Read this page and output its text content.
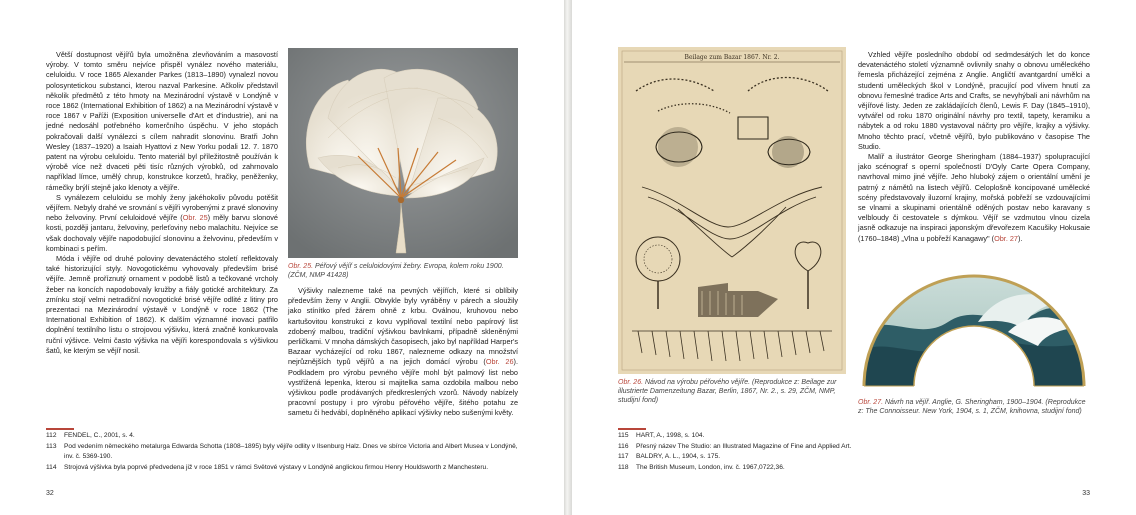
Větší dostupnost vějířů byla umožněna zlevňováním a masovostí výroby. V tomto směru nejvíce přispěl vynález nového materiálu, celuloidu. V roce 1865 Alexander Parkes (1813–1890) vynalezl novou polosyntetickou substanci, kterou nazval Parkesine. Ačkoliv představil několik předmětů z této hmoty na Mezinárodní výstavě v Londýně v roce 1862 (International Exhibition of 1862) a na Mezinárodní výstavě v roce 1867 v Paříži (Exposition universelle d'Art et d'industrie), ani na jedné nedosáhl potřebného komerčního úspěchu. V jeho stopách pokračovali další vynálezci s cílem nahradit slonovinu. Bratři John Wesley (1837–1920) a Isaiah Hyattovi z New Yorku podali 12. 7. 1870 patent na výrobu celuloidu. Tento materiál byl příležitostně používán k výrobě více než dvaceti pěti tisíc různých výrobků, od zahrnovalo například límce, umělý chrup, konstrukce korzetů, hračky, peněženky, rámečky brýlí stejně jako klenoty a vějíře.

S vynálezem celuloidu se mohly ženy jakéhokoliv původu potěšit vějířem. Nebyly drahé ve srovnání s vějíři vyrobenými z pravé slonoviny nebo želvoviny. První celuloidové vějíře (Obr. 25) měly barvu slonové kosti, později jantaru, želvoviny, perleťoviny nebo malachitu. Nejvíce se však dochovaly vějíře napodobující slonovinu a želvovinu, především v kombinaci s peřím.

Móda i vějíře od druhé poloviny devatenáctého století reflektovaly také historizující styly. Novogotickému vyhovovaly především brisé vějíře. Jemně proříznutý ornament v podobě listů a tečkované vrcholy žeber na koncích napodobovaly kružby a fiály gotické architektury. Za zmínku stojí velmi netradiční novogotické brisé vějíře odlité z litiny pro prezentaci na Mezinárodní výstavě v Londýně v roce 1862 (The International Exhibition of 1862). K dalším významné inovaci patřilo doplnění textilního listu o strojovou výšivku, která značně konkurovala ruční výšivce. Velmi často výšivka na vějíři korespondovala s výšivkou šatů, ke kterým se vějíř nosil.

Obr. 25. Péřový vějíř s celuloidovými žebry. Evropa, kolem roku 1900. (ZČM, NMP 41428)

Výšivky nalezneme také na pevných vějířích, které si oblíbily především ženy v Anglii. Obvykle byly vyráběny v párech a sloužily jako stínítko před žárem ohně z krbu. Oválnou, kruhovou nebo kartušovitou konstrukci z kovu vyplňoval textilní nebo papírový list zdobený malbou, tradiční výšivkou bavlnkami, případně skleněnými perličkami. V mnoha dámských časopisech, jako byl například Harper's Bazaar vycházející od roku 1867, nalezneme odkazy na množství nejrůznějších typů vějířů a na jejich domácí výrobu (Obr. 26). Podkladem pro výrobu pevného vějíře mohl být palmový list nebo vystřižená lepenka, kterou si majitelka sama ozdobila malbou nebo výšivkou podle prodávaných předkreslených vzorů. Návody nabízely pracovní postupy i pro výrobu péřového vějíře, šitého potahu ze sametu či hedvábí, doplněného aplikací výšivky nebo sušenými květy.

112	FENDEL, C., 2001, s. 4.
113	Pod vedením německého metalurga Edwarda Schotta (1808–1895) byly vějíře odlity v Ilsenburg Halz. Dnes ve sbírce Victoria and Albert Musea v Londýně, inv. č. 5369-190.
114	Strojová výšivka byla poprvé předvedena již v roce 1851 v rámci Světové výstavy v Londýně anglickou firmou Henry Houldsworth z Manchesteru.
32
Beilage zum Bazar 1867. Nr. 2.
Obr. 26. Návod na výrobu péřového vějíře. (Reprodukce z: Beilage zur illustrierte Damenzeitung Bazar, Berlin, 1867, Nr. 2., s. 29, ZČM, NMP, studijní fond)

Vzhled vějíře posledního období od sedmdesátých let do konce devatenáctého století významně ovlivnily snahy o obnovu uměleckého řemesla přicházející zejména z Anglie. Angličtí avantgardní umělci a studenti uměleckých škol v Londýně, pracující pod vlivem hnutí za obnovu řemeslné tradice Arts and Crafts, se nevyhýbali ani návrhům na vějířové listy. Jeden ze zakládajících členů, Lewis F. Day (1845–1910), vytvářel od roku 1870 originální návrhy pro textil, tapety, keramiku a nábytek a od roku 1880 vystavoval náčrty pro vějíře, krajky a výšivky. Mnoho těchto prací, včetně vějířů, bylo publikováno v časopise The Studio.

Malíř a ilustrátor George Sheringham (1884–1937) spolupracující jako scénograf s operní společností D'Oyly Carte Opera Company, navrhoval mimo jiné vějíře. Jeho hluboký zájem o orientální umění je patrný z námětů na listech vějířů. Celoplošně koncipované umělecké scény představovaly iluzorní krajiny, mořská pobřeží se vzdouvajícími se vlnami a skupinami orientálně oděných postav nebo karavany s velbloudy či cestovatele s dýmkou. Vějíř se vzdmutou vlnou cizela jasně odkazuje na inspiraci japonským dřevořezem Kacušiky Hokusaie (1760–1848) „Vlna u pobřeží Kanagawy" (Obr. 27).

Obr. 27. Návrh na vějíř. Anglie, G. Sheringham, 1900–1904. (Reprodukce z: The Connoisseur. New York, 1904, s. 1, ZČM, knihovna, studijní fond)
115	HART, A., 1998, s. 104.
116	Přesný název The Studio: an Illustrated Magazine of Fine and Applied Art.
117	BALDRY, A. L., 1904, s. 175.
118	The British Museum, London, inv. č. 1967,0722,36.
33
